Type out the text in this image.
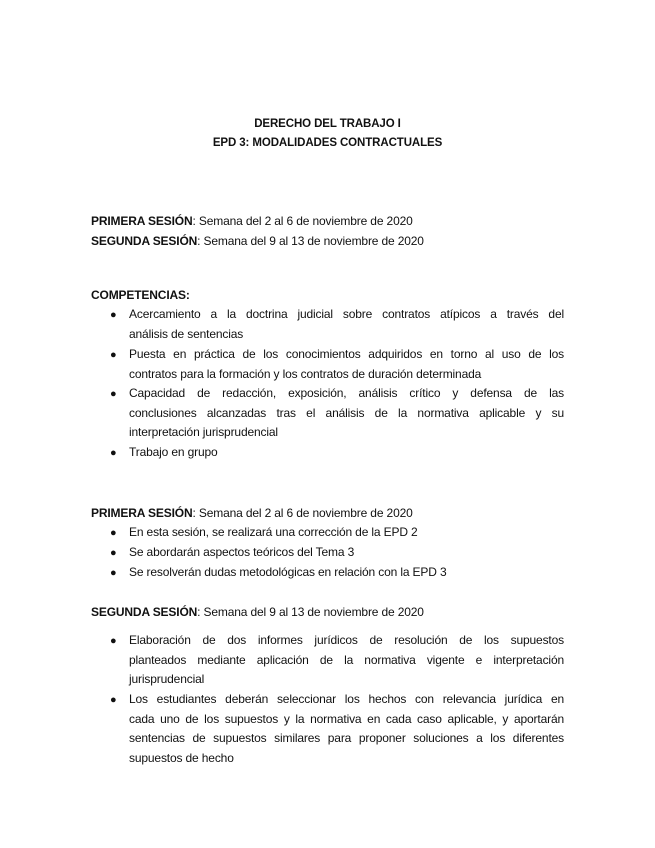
DERECHO DEL TRABAJO I
EPD 3: MODALIDADES CONTRACTUALES
PRIMERA SESIÓN: Semana del 2 al 6 de noviembre de 2020
SEGUNDA SESIÓN: Semana del 9 al 13 de noviembre de 2020
COMPETENCIAS:
● Acercamiento a la doctrina judicial sobre contratos atípicos a través del
análisis de sentencias
● Puesta en práctica de los conocimientos adquiridos en torno al uso de los
contratos para la formación y los contratos de duración determinada
● Capacidad de redacción, exposición, análisis crítico y defensa de las
conclusiones alcanzadas tras el análisis de la normativa aplicable y su
interpretación jurisprudencial
● Trabajo en grupo
PRIMERA SESIÓN: Semana del 2 al 6 de noviembre de 2020
● En esta sesión, se realizará una corrección de la EPD 2
● Se abordarán aspectos teóricos del Tema 3
● Se resolverán dudas metodológicas en relación con la EPD 3
SEGUNDA SESIÓN: Semana del 9 al 13 de noviembre de 2020
● Elaboración de dos informes jurídicos de resolución de los supuestos
planteados mediante aplicación de la normativa vigente e interpretación
jurisprudencial
● Los estudiantes deberán seleccionar los hechos con relevancia jurídica en
cada uno de los supuestos y la normativa en cada caso aplicable, y aportarán
sentencias de supuestos similares para proponer soluciones a los diferentes
supuestos de hecho
